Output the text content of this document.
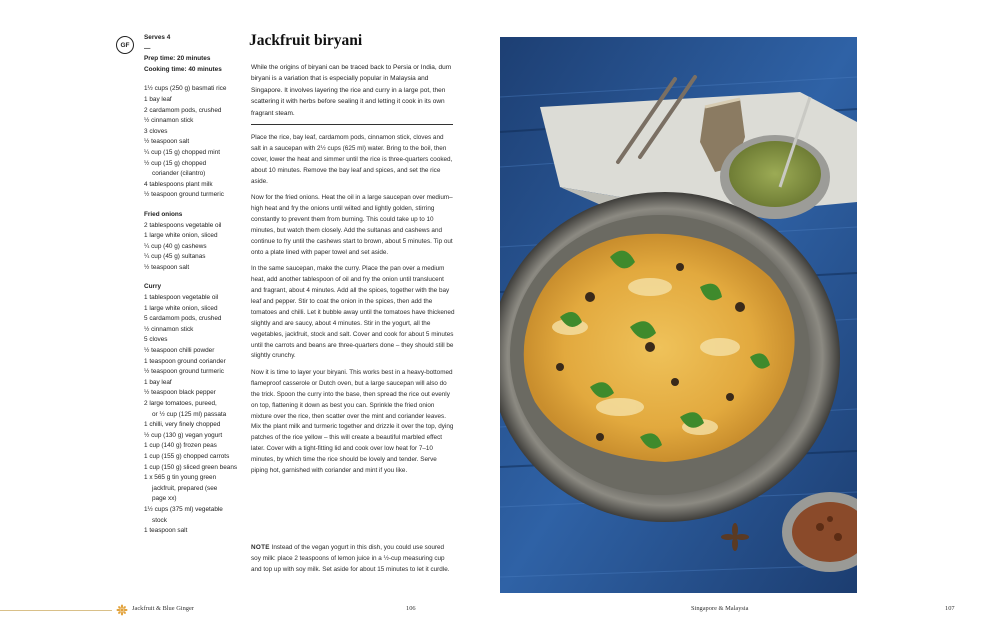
GF
Serves 4
—
Prep time: 20 minutes
Cooking time: 40 minutes
1½ cups (250 g) basmati rice
1 bay leaf
2 cardamom pods, crushed
½ cinnamon stick
3 cloves
½ teaspoon salt
¼ cup (15 g) chopped mint
½ cup (15 g) chopped
coriander (cilantro)
4 tablespoons plant milk
½ teaspoon ground turmeric
Fried onions
2 tablespoons vegetable oil
1 large white onion, sliced
¼ cup (40 g) cashews
¼ cup (45 g) sultanas
½ teaspoon salt
Curry
1 tablespoon vegetable oil
1 large white onion, sliced
5 cardamom pods, crushed
½ cinnamon stick
5 cloves
½ teaspoon chilli powder
1 teaspoon ground coriander
½ teaspoon ground turmeric
1 bay leaf
½ teaspoon black pepper
2 large tomatoes, pureed,
or ½ cup (125 ml) passata
1 chilli, very finely chopped
½ cup (130 g) vegan yogurt
1 cup (140 g) frozen peas
1 cup (155 g) chopped carrots
1 cup (150 g) sliced green beans
1 x 565 g tin young green
jackfruit, prepared (see
page xx)
1½ cups (375 ml) vegetable
stock
1 teaspoon salt
Jackfruit biryani
While the origins of biryani can be traced back to Persia or India, dum biryani is a variation that is especially popular in Malaysia and Singapore. It involves layering the rice and curry in a large pot, then scattering it with herbs before sealing it and letting it cook in its own fragrant steam.

Place the rice, bay leaf, cardamom pods, cinnamon stick, cloves and salt in a saucepan with 2½ cups (625 ml) water. Bring to the boil, then cover, lower the heat and simmer until the rice is three-quarters cooked, about 10 minutes. Remove the bay leaf and spices, and set the rice aside.

Now for the fried onions. Heat the oil in a large saucepan over medium–high heat and fry the onions until wilted and lightly golden, stirring constantly to prevent them from burning. This could take up to 10 minutes, but watch them closely. Add the sultanas and cashews and continue to fry until the cashews start to brown, about 5 minutes. Tip out onto a plate lined with paper towel and set aside.

In the same saucepan, make the curry. Place the pan over a medium heat, add another tablespoon of oil and fry the onion until translucent and fragrant, about 4 minutes. Add all the spices, together with the bay leaf and pepper. Stir to coat the onion in the spices, then add the tomatoes and chilli. Let it bubble away until the tomatoes have thickened slightly and are saucy, about 4 minutes. Stir in the yogurt, all the vegetables, jackfruit, stock and salt. Cover and cook for about 5 minutes until the carrots and beans are three-quarters done – they should still be slightly crunchy.

Now it is time to layer your biryani. This works best in a heavy-bottomed flameproof casserole or Dutch oven, but a large saucepan will also do the trick. Spoon the curry into the base, then spread the rice out evenly on top, flattening it down as best you can. Sprinkle the fried onion mixture over the rice, then scatter over the mint and coriander leaves. Mix the plant milk and turmeric together and drizzle it over the top, dying patches of the rice yellow – this will create a beautiful marbled effect later. Cover with a tight-fitting lid and cook over low heat for 7–10 minutes, by which time the rice should be lovely and tender. Serve piping hot, garnished with coriander and mint if you like.

NOTE Instead of the vegan yogurt in this dish, you could use soured soy milk: place 2 teaspoons of lemon juice in a ½-cup measuring cup and top up with soy milk. Set aside for about 15 minutes to let it curdle.
Jackfruit & Blue Ginger	106	Singapore & Malaysia	107
